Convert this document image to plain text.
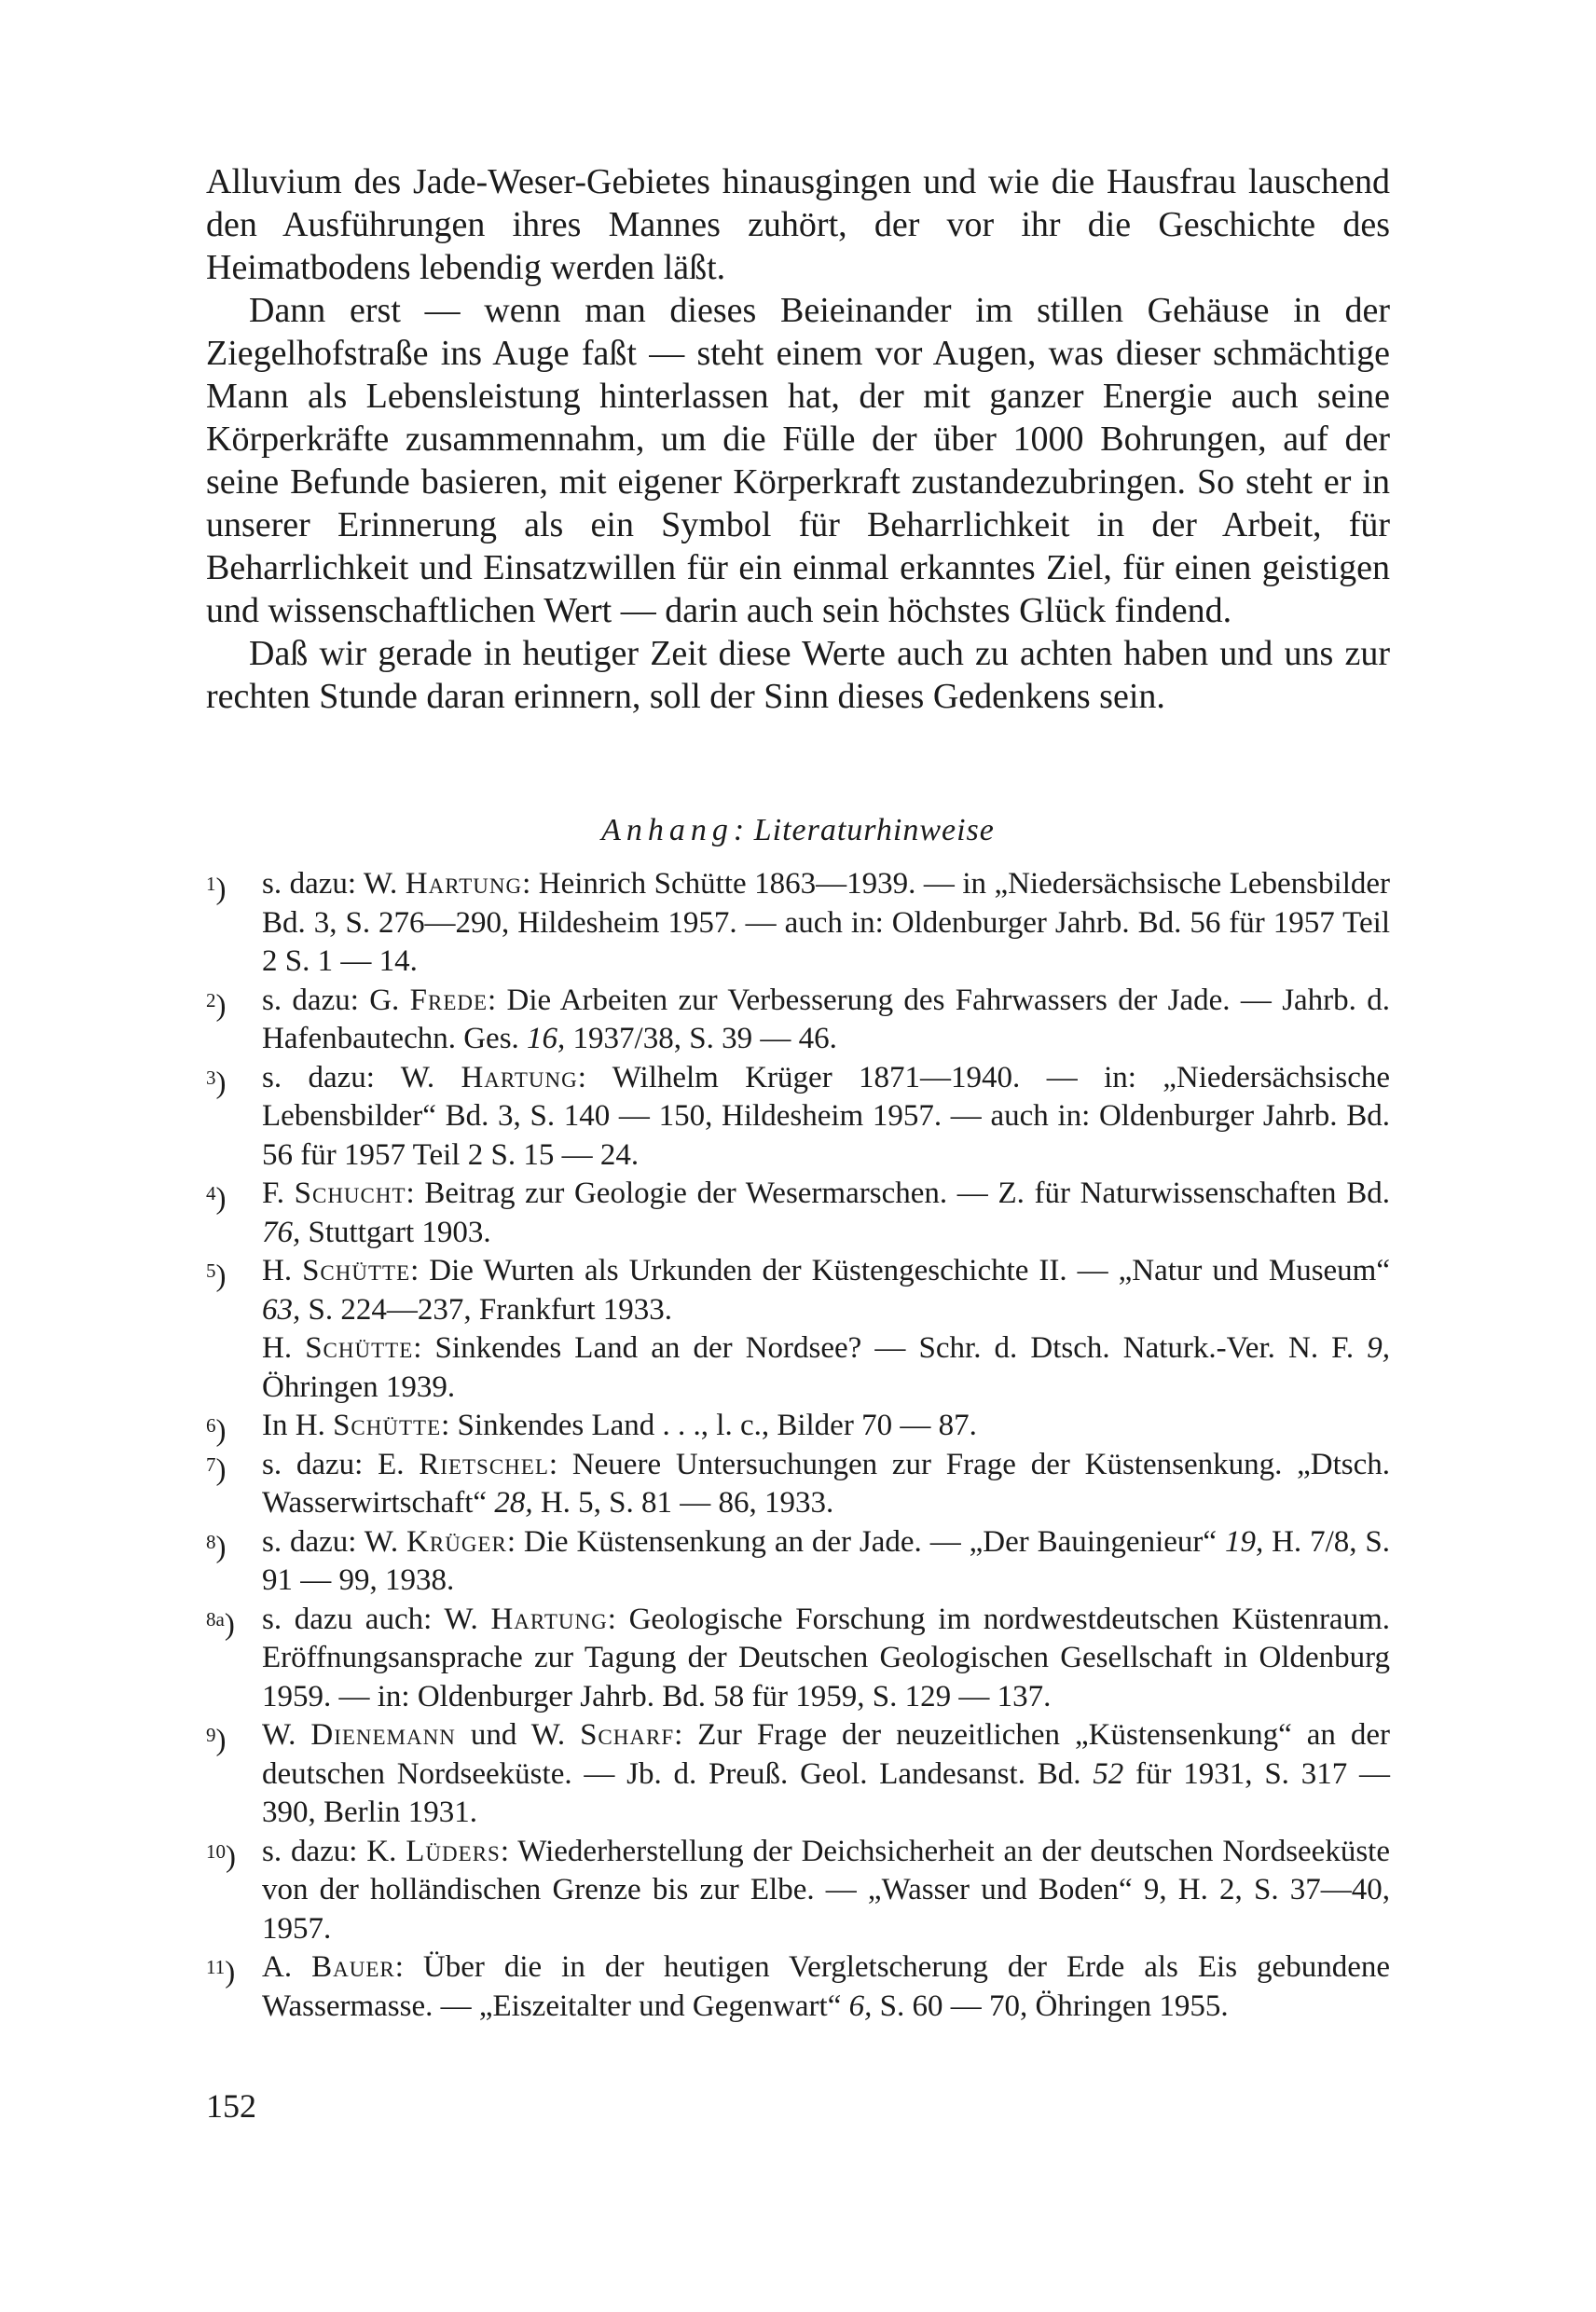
Alluvium des Jade-Weser-Gebietes hinausgingen und wie die Hausfrau lauschend den Ausführungen ihres Mannes zuhört, der vor ihr die Geschichte des Heimatbodens lebendig werden läßt.

Dann erst — wenn man dieses Beieinander im stillen Gehäuse in der Ziegelhofstraße ins Auge faßt — steht einem vor Augen, was dieser schmächtige Mann als Lebensleistung hinterlassen hat, der mit ganzer Energie auch seine Körperkräfte zusammennahm, um die Fülle der über 1000 Bohrungen, auf der seine Befunde basieren, mit eigener Körperkraft zustandezubringen. So steht er in unserer Erinnerung als ein Symbol für Beharrlichkeit in der Arbeit, für Beharrlichkeit und Einsatzwillen für ein einmal erkanntes Ziel, für einen geistigen und wissenschaftlichen Wert — darin auch sein höchstes Glück findend.

Daß wir gerade in heutiger Zeit diese Werte auch zu achten haben und uns zur rechten Stunde daran erinnern, soll der Sinn dieses Gedenkens sein.

Anhang: Literaturhinweise

$^1$)	s. dazu: W. Hartung: Heinrich Schütte 1863—1939. — in „Niedersächsische Lebensbilder Bd. 3, S. 276—290, Hildesheim 1957. — auch in: Oldenburger Jahrb. Bd. 56 für 1957 Teil 2 S. 1 — 14.

$^2$)	s. dazu: G. Frede: Die Arbeiten zur Verbesserung des Fahrwassers der Jade. — Jahrb. d. Hafenbautechn. Ges. 16, 1937/38, S. 39 — 46.

$^3$)	s. dazu: W. Hartung: Wilhelm Krüger 1871—1940. — in: „Niedersächsische Lebensbilder“ Bd. 3, S. 140 — 150, Hildesheim 1957. — auch in: Oldenburger Jahrb. Bd. 56 für 1957 Teil 2 S. 15 — 24.

$^4$)	F. Schucht: Beitrag zur Geologie der Wesermarschen. — Z. für Naturwissenschaften Bd. 76, Stuttgart 1903.

$^5$)	H. Schütte: Die Wurten als Urkunden der Küstengeschichte II. — „Natur und Museum“ 63, S. 224—237, Frankfurt 1933.

H. Schütte: Sinkendes Land an der Nordsee? — Schr. d. Dtsch. Naturk.-Ver. N. F. 9, Öhringen 1939.

$^6$)	In H. Schütte: Sinkendes Land . . ., l. c., Bilder 70 — 87.

$^7$)	s. dazu: E. Rietschel: Neuere Untersuchungen zur Frage der Küstensenkung. „Dtsch. Wasserwirtschaft“ 28, H. 5, S. 81 — 86, 1933.

$^8$)	s. dazu: W. Krüger: Die Küstensenkung an der Jade. — „Der Bauingenieur“ 19, H. 7/8, S. 91 — 99, 1938.

$^{8a}$) s. dazu auch: W. Hartung: Geologische Forschung im nordwestdeutschen Küstenraum. Eröffnungsansprache zur Tagung der Deutschen Geologischen Gesellschaft in Oldenburg 1959. — in: Oldenburger Jahrb. Bd. 58 für 1959, S. 129 — 137.

$^9$)	W. Dienemann und W. Scharf: Zur Frage der neuzeitlichen „Küstensenkung“ an der deutschen Nordseeküste. — Jb. d. Preuß. Geol. Landesanst. Bd. 52 für 1931, S. 317 — 390, Berlin 1931.

$^{10}$) s. dazu: K. Lüders: Wiederherstellung der Deichsicherheit an der deutschen Nordseeküste von der holländischen Grenze bis zur Elbe. — „Wasser und Boden“ 9, H. 2, S. 37—40, 1957.

$^{11}$) A. Bauer: Über die in der heutigen Vergletscherung der Erde als Eis gebundene Wassermasse. — „Eiszeitalter und Gegenwart“ 6, S. 60 — 70, Öhringen 1955.

152
